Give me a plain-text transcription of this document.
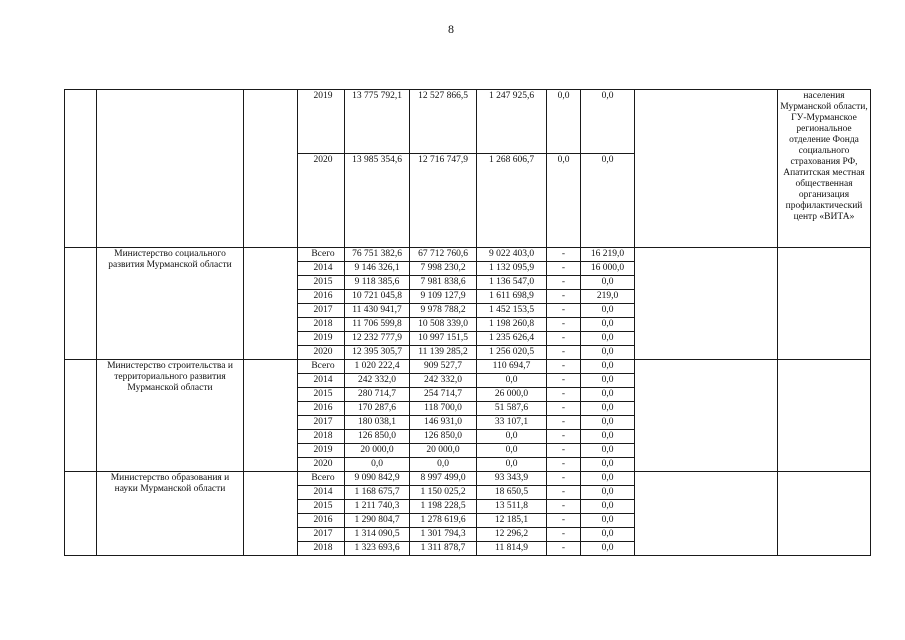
8
			2019	13 775 792,1	12 527 866,5	1 247 925,6	0,0	0,0		населения Мурманской области, ГУ-Мурманское региональное отделение Фонда социального страхования РФ, Апатитская местная общественная организация профилактический центр «ВИТА»
			2020	13 985 354,6	12 716 747,9	1 268 606,7	0,0	0,0		
	Министерство социального развития Мурманской области		Всего	76 751 382,6	67 712 760,6	9 022 403,0	-	16 219,0		
			2014	9 146 326,1	7 998 230,2	1 132 095,9	-	16 000,0		
			2015	9 118 385,6	7 981 838,6	1 136 547,0	-	0,0		
			2016	10 721 045,8	9 109 127,9	1 611 698,9	-	219,0		
			2017	11 430 941,7	9 978 788,2	1 452 153,5	-	0,0		
			2018	11 706 599,8	10 508 339,0	1 198 260,8	-	0,0		
			2019	12 232 777,9	10 997 151,5	1 235 626,4	-	0,0		
			2020	12 395 305,7	11 139 285,2	1 256 020,5	-	0,0		
	Министерство строительства и территориального развития Мурманской области		Всего	1 020 222,4	909 527,7	110 694,7	-	0,0		
			2014	242 332,0	242 332,0	0,0	-	0,0		
			2015	280 714,7	254 714,7	26 000,0	-	0,0		
			2016	170 287,6	118 700,0	51 587,6	-	0,0		
			2017	180 038,1	146 931,0	33 107,1	-	0,0		
			2018	126 850,0	126 850,0	0,0	-	0,0		
			2019	20 000,0	20 000,0	0,0	-	0,0		
			2020	0,0	0,0	0,0	-	0,0		
	Министерство образования и науки Мурманской области		Всего	9 090 842,9	8 997 499,0	93 343,9	-	0,0		
			2014	1 168 675,7	1 150 025,2	18 650,5	-	0,0		
			2015	1 211 740,3	1 198 228,5	13 511,8	-	0,0		
			2016	1 290 804,7	1 278 619,6	12 185,1	-	0,0		
			2017	1 314 090,5	1 301 794,3	12 296,2	-	0,0		
			2018	1 323 693,6	1 311 878,7	11 814,9	-	0,0		
